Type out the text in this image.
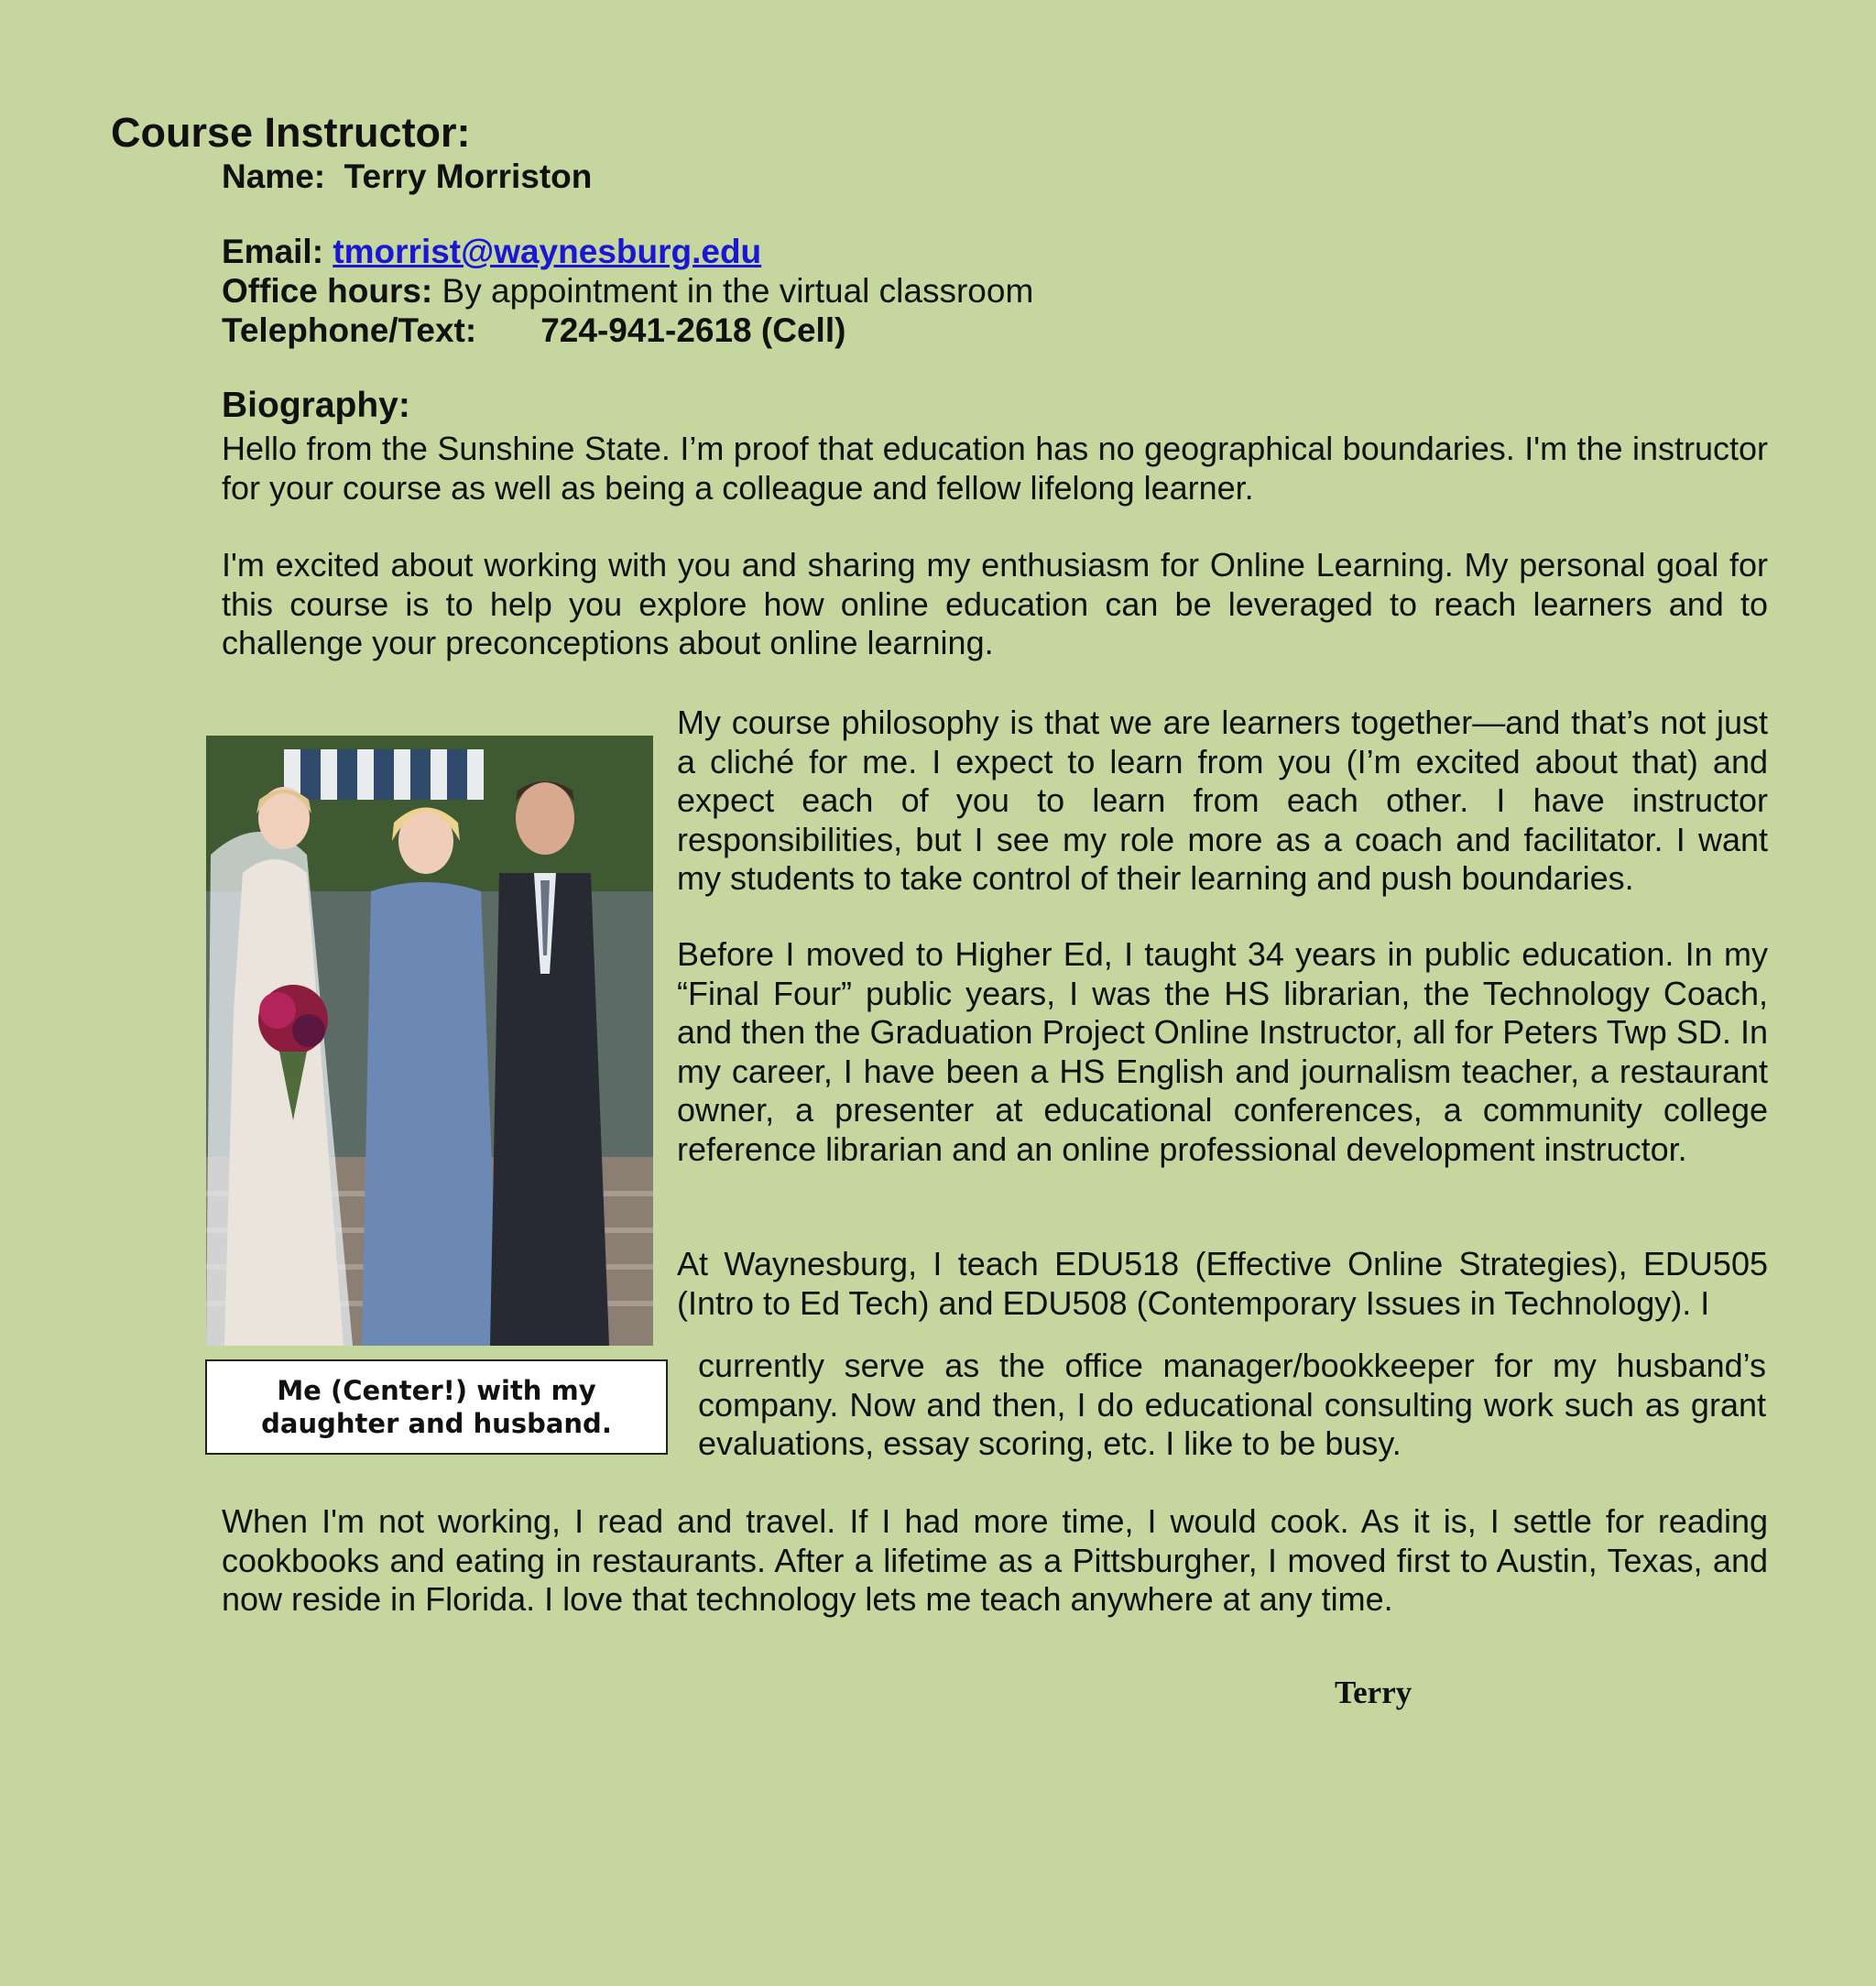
Course Instructor:
Name: Terry Morriston
Email: tmorrist@waynesburg.edu
Office hours: By appointment in the virtual classroom
Telephone/Text: 724-941-2618 (Cell)
Biography:

Hello from the Sunshine State. I’m proof that education has no geographical boundaries. I'm the instructor for your course as well as being a colleague and fellow lifelong learner.

I'm excited about working with you and sharing my enthusiasm for Online Learning. My personal goal for this course is to help you explore how online education can be leveraged to reach learners and to challenge your preconceptions about online learning.

Me (Center!) with my daughter and husband.

My course philosophy is that we are learners together—and that’s not just a cliché for me. I expect to learn from you (I’m excited about that) and expect each of you to learn from each other. I have instructor responsibilities, but I see my role more as a coach and facilitator. I want my students to take control of their learning and push boundaries.

Before I moved to Higher Ed, I taught 34 years in public education. In my “Final Four” public years, I was the HS librarian, the Technology Coach, and then the Graduation Project Online Instructor, all for Peters Twp SD. In my career, I have been a HS English and journalism teacher, a restaurant owner, a presenter at educational conferences, a community college reference librarian and an online professional development instructor.

At Waynesburg, I teach EDU518 (Effective Online Strategies), EDU505 (Intro to Ed Tech) and EDU508 (Contemporary Issues in Technology). I

currently serve as the office manager/bookkeeper for my husband’s company. Now and then, I do educational consulting work such as grant evaluations, essay scoring, etc. I like to be busy.

When I'm not working, I read and travel. If I had more time, I would cook. As it is, I settle for reading cookbooks and eating in restaurants. After a lifetime as a Pittsburgher, I moved first to Austin, Texas, and now reside in Florida. I love that technology lets me teach anywhere at any time.

Terry
